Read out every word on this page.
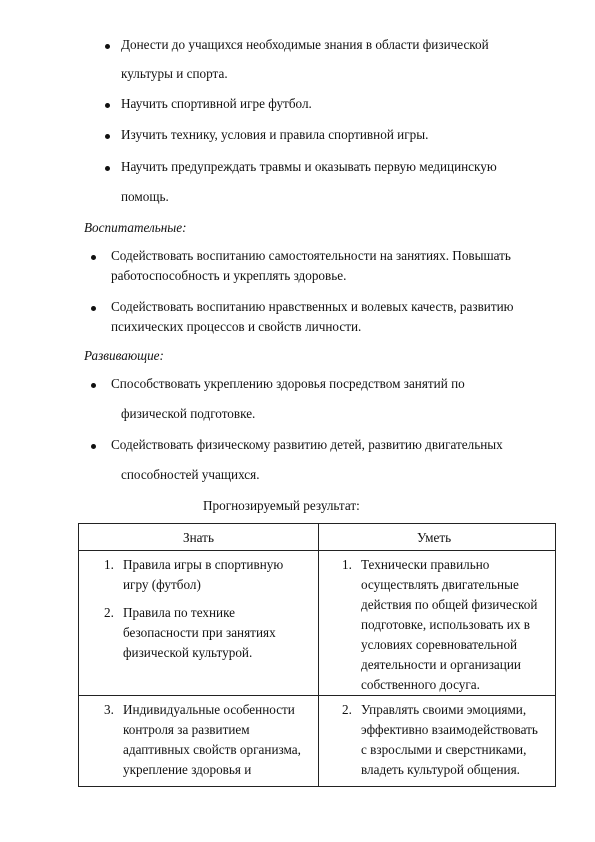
Донести до учащихся необходимые знания в области физической
культуры и спорта.
Научить спортивной игре футбол.
Изучить технику, условия и правила спортивной игры.
Научить предупреждать травмы и оказывать первую медицинскую
помощь.
Воспитательные:
Содействовать воспитанию самостоятельности на занятиях. Повышать
работоспособность и укреплять здоровье.
Содействовать воспитанию нравственных и волевых качеств, развитию
психических процессов и свойств личности.
Развивающие:
Способствовать укреплению здоровья посредством занятий по
физической подготовке.
Содействовать физическому развитию детей, развитию двигательных
способностей учащихся.
Прогнозируемый результат:
Знать	Уметь
1. Правила игры в спортивную
игру (футбол)
2. Правила по технике
безопасности при занятиях
физической культурой.
1. Технически правильно
осуществлять двигательные
действия по общей физической
подготовке, использовать их в
условиях соревновательной
деятельности и организации
собственного досуга.
3. Индивидуальные особенности
контроля за развитием
адаптивных свойств организма,
укрепление здоровья и
2. Управлять своими эмоциями,
эффективно взаимодействовать
с взрослыми и сверстниками,
владеть культурой общения.
